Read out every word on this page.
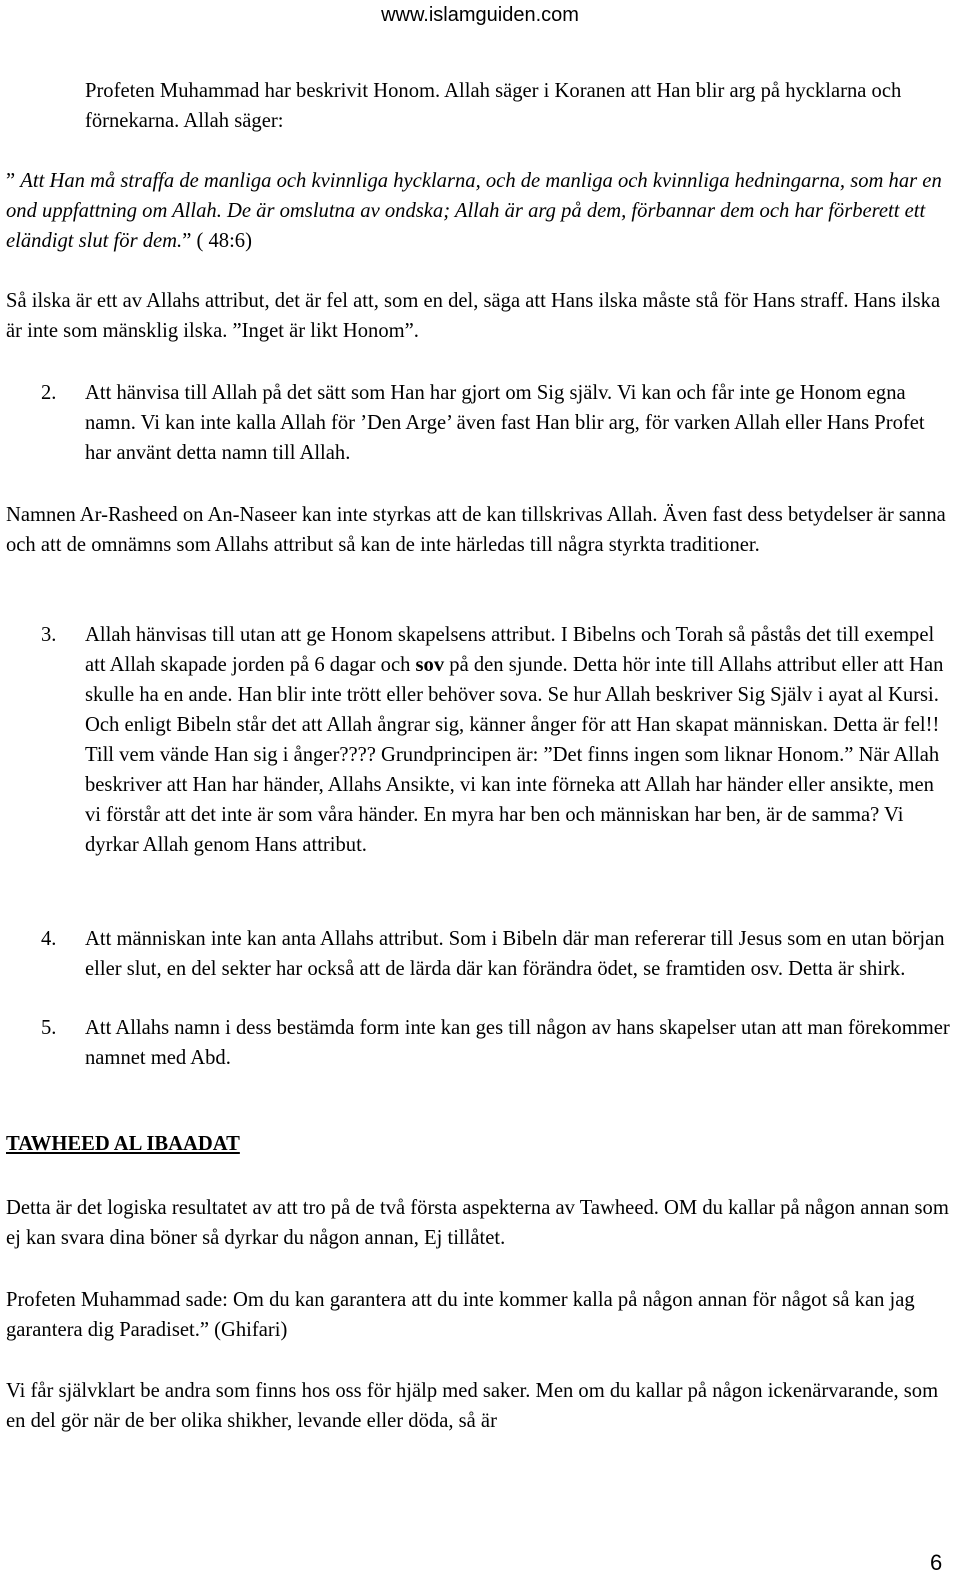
www.islamguiden.com

Profeten Muhammad har beskrivit Honom. Allah säger i Koranen att Han blir arg på hycklarna och förnekarna. Allah säger:

” Att Han må straffa de manliga och kvinnliga hycklarna, och de manliga och kvinnliga hedningarna, som har en ond uppfattning om Allah. De är omslutna av ondska; Allah är arg på dem, förbannar dem och har förberett ett eländigt slut för dem.” ( 48:6)

Så ilska är ett av Allahs attribut, det är fel att, som en del, säga att Hans ilska måste stå för Hans straff. Hans ilska är inte som mänsklig ilska. ”Inget är likt Honom”.

2. Att hänvisa till Allah på det sätt som Han har gjort om Sig själv. Vi kan och får inte ge Honom egna namn. Vi kan inte kalla Allah för ’Den Arge’ även fast Han blir arg, för varken Allah eller Hans Profet har använt detta namn till Allah.

Namnen Ar-Rasheed on An-Naseer kan inte styrkas att de kan tillskrivas Allah. Även fast dess betydelser är sanna och att de omnämns som Allahs attribut så kan de inte härledas till några styrkta traditioner.

3. Allah hänvisas till utan att ge Honom skapelsens attribut. I Bibelns och Torah så påstås det till exempel att Allah skapade jorden på 6 dagar och sov på den sjunde. Detta hör inte till Allahs attribut eller att Han skulle ha en ande. Han blir inte trött eller behöver sova. Se hur Allah beskriver Sig Själv i ayat al Kursi. Och enligt Bibeln står det att Allah ångrar sig, känner ånger för att Han skapat människan. Detta är fel!! Till vem vände Han sig i ånger???? Grundprincipen är: ”Det finns ingen som liknar Honom.” När Allah beskriver att Han har händer, Allahs Ansikte, vi kan inte förneka att Allah har händer eller ansikte, men vi förstår att det inte är som våra händer. En myra har ben och människan har ben, är de samma? Vi dyrkar Allah genom Hans attribut.

4. Att människan inte kan anta Allahs attribut. Som i Bibeln där man refererar till Jesus som en utan början eller slut, en del sekter har också att de lärda där kan förändra ödet, se framtiden osv. Detta är shirk.

5. Att Allahs namn i dess bestämda form inte kan ges till någon av hans skapelser utan att man förekommer namnet med Abd.

TAWHEED AL IBAADAT

Detta är det logiska resultatet av att tro på de två första aspekterna av Tawheed. OM du kallar på någon annan som ej kan svara dina böner så dyrkar du någon annan, Ej tillåtet.

Profeten Muhammad sade: Om du kan garantera att du inte kommer kalla på någon annan för något så kan jag garantera dig Paradiset.” (Ghifari)

Vi får självklart be andra som finns hos oss för hjälp med saker. Men om du kallar på någon ickenärvarande, som en del gör när de ber olika shikher, levande eller döda, så är

6
